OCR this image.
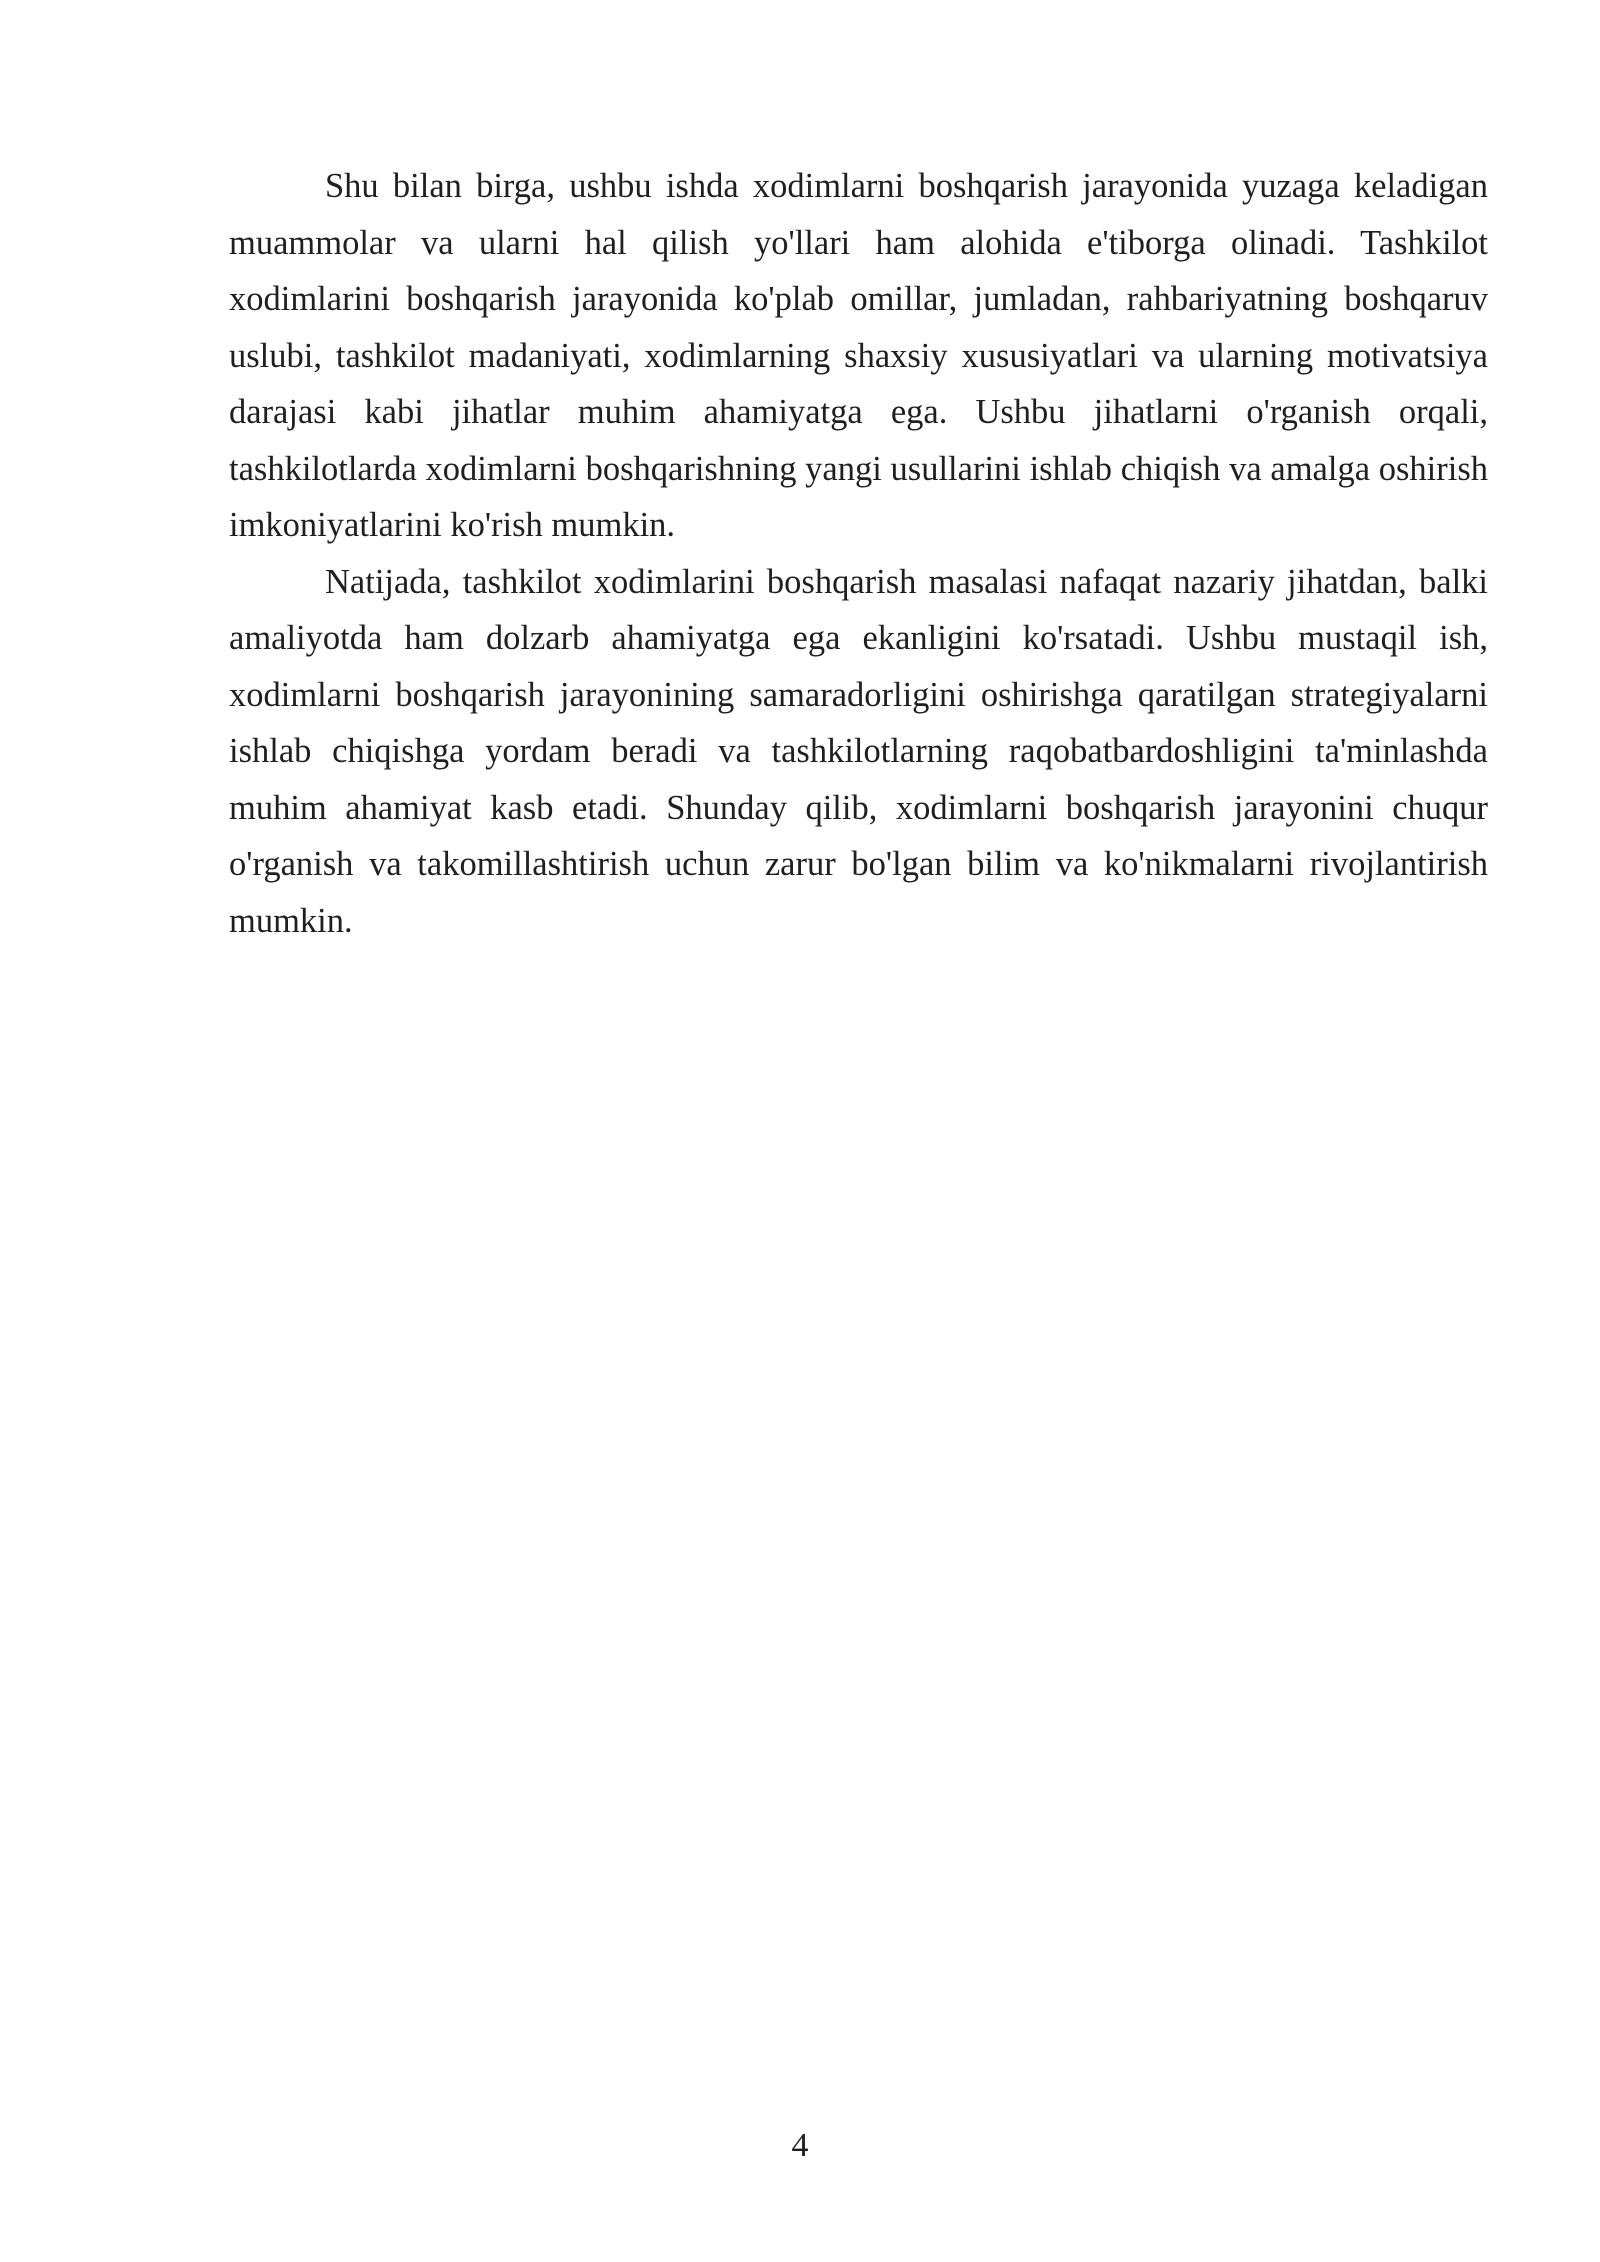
Shu bilan birga, ushbu ishda xodimlarni boshqarish jarayonida yuzaga keladigan muammolar va ularni hal qilish yo'llari ham alohida e'tiborga olinadi. Tashkilot xodimlarini boshqarish jarayonida ko'plab omillar, jumladan, rahbariyatning boshqaruv uslubi, tashkilot madaniyati, xodimlarning shaxsiy xususiyatlari va ularning motivatsiya darajasi kabi jihatlar muhim ahamiyatga ega. Ushbu jihatlarni o'rganish orqali, tashkilotlarda xodimlarni boshqarishning yangi usullarini ishlab chiqish va amalga oshirish imkoniyatlarini ko'rish mumkin.

Natijada, tashkilot xodimlarini boshqarish masalasi nafaqat nazariy jihatdan, balki amaliyotda ham dolzarb ahamiyatga ega ekanligini ko'rsatadi. Ushbu mustaqil ish, xodimlarni boshqarish jarayonining samaradorligini oshirishga qaratilgan strategiyalarni ishlab chiqishga yordam beradi va tashkilotlarning raqobatbardoshligini ta'minlashda muhim ahamiyat kasb etadi. Shunday qilib, xodimlarni boshqarish jarayonini chuqur o'rganish va takomillashtirish uchun zarur bo'lgan bilim va ko'nikmalarni rivojlantirish mumkin.

4
